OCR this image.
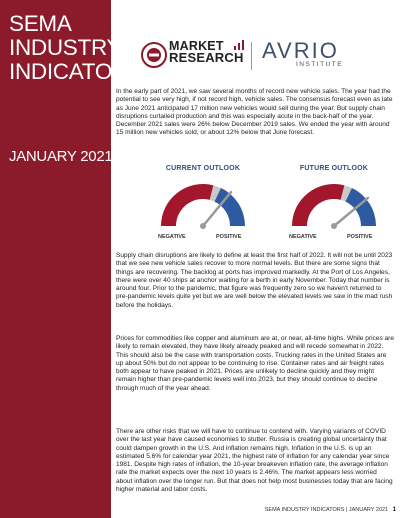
SEMA
INDUSTRY
INDICATORS
JANUARY 2021
MARKET
RESEARCH AVRIO
INSTITUTE
In the early part of 2021, we saw several months of record new vehicle sales. The year had the potential to see very high, if not record high, vehicle sales. The consensus forecast even as late as June 2021 anticipated 17 million new vehicles would sell during the year. But supply chain disruptions curtailed production and this was especially acute in the back-half of the year. December 2021 sales were 26% below December 2019 sales. We ended the year with around 15 million new vehicles sold, or about 12% below that June forecast.
CURRENT OUTLOOK
NEGATIVE	POSITIVE
FUTURE OUTLOOK
NEGATIVE	POSITIVE
Supply chain disruptions are likely to define at least the first half of 2022. It will not be until 2023 that we see new vehicle sales recover to more normal levels. But there are some signs that things are recovering. The backlog at ports has improved markedly. At the Port of Los Angeles, there were over 40 ships at anchor waiting for a berth in early November. Today that number is around four. Prior to the pandemic, that figure was frequently zero so we haven't returned to pre-pandemic levels quite yet but we are well below the elevated levels we saw in the mad rush before the holidays.
Prices for commodities like copper and aluminum are at, or near, all-time highs. While prices are likely to remain elevated, they have likely already peaked and will recede somewhat in 2022. This should also be the case with transportation costs. Trucking rates in the United States are up about 50% but do not appear to be continuing to rise. Container rates and air freight rates both appear to have peaked in 2021. Prices are unlikely to decline quickly and they might remain higher than pre-pandemic levels well into 2023, but they should continue to decline through much of the year ahead.
There are other risks that we will have to continue to contend with. Varying variants of COVID over the last year have caused economies to stutter. Russia is creating global uncertainty that could dampen growth in the U.S. And inflation remains high. Inflation in the U.S. is up an estimated 5.6% for calendar year 2021, the highest rate of inflation for any calendar year since 1981. Despite high rates of inflation, the 10-year breakeven inflation rate, the average inflation rate the market expects over the next 10 years is 2.46%. The market appears less worried about inflation over the longer run. But that does not help most businesses today that are facing higher material and labor costs.
SEMA INDUSTRY INDICATORS | JANUARY 2021 1
